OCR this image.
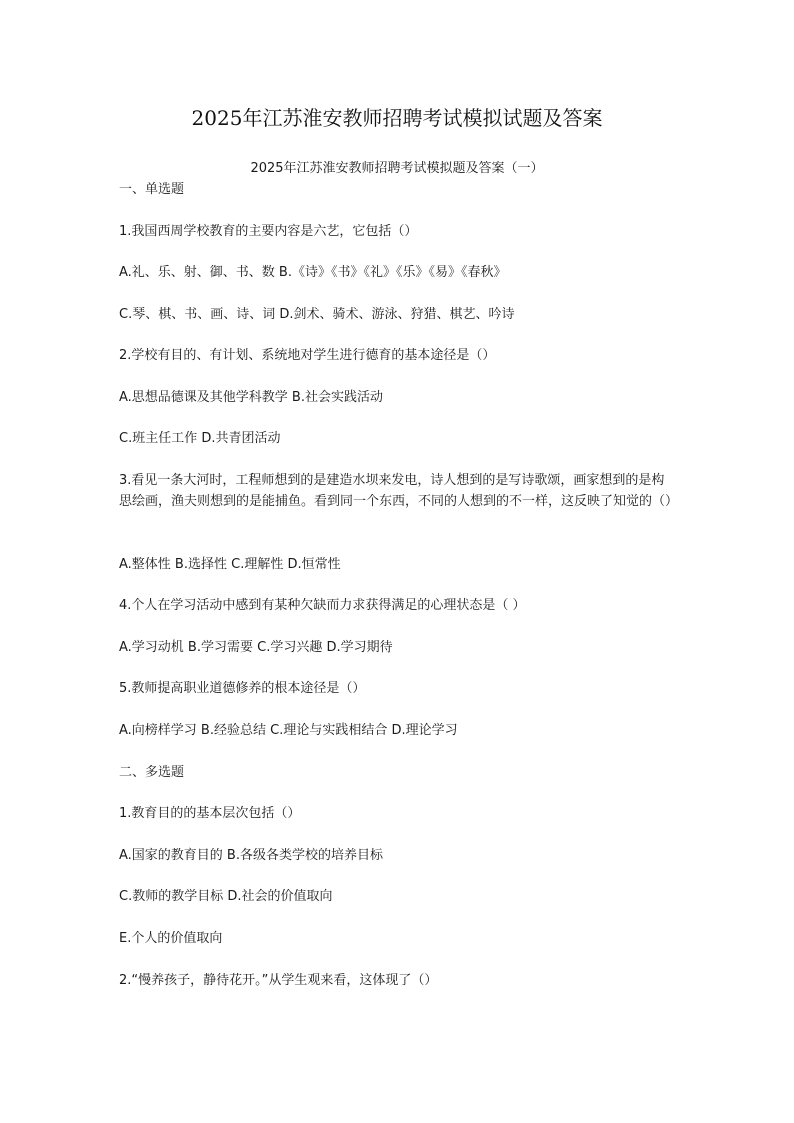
2025年江苏淮安教师招聘考试模拟试题及答案
2025年江苏淮安教师招聘考试模拟题及答案（一）
一、单选题
1.我国西周学校教育的主要内容是六艺，它包括（）
A.礼、乐、射、御、书、数 B.《诗》《书》《礼》《乐》《易》《春秋》
C.琴、棋、书、画、诗、词 D.剑术、骑术、游泳、狩猎、棋艺、吟诗
2.学校有目的、有计划、系统地对学生进行德育的基本途径是（）
A.思想品德课及其他学科教学 B.社会实践活动
C.班主任工作 D.共青团活动
3.看见一条大河时，工程师想到的是建造水坝来发电，诗人想到的是写诗歌颂，画家想到的是构思绘画，渔夫则想到的是能捕鱼。看到同一个东西，不同的人想到的不一样，这反映了知觉的（）
A.整体性 B.选择性 C.理解性 D.恒常性
4.个人在学习活动中感到有某种欠缺而力求获得满足的心理状态是（ ）
A.学习动机 B.学习需要 C.学习兴趣 D.学习期待
5.教师提高职业道德修养的根本途径是（）
A.向榜样学习 B.经验总结 C.理论与实践相结合 D.理论学习
二、多选题
1.教育目的的基本层次包括（）
A.国家的教育目的 B.各级各类学校的培养目标
C.教师的教学目标 D.社会的价值取向
E.个人的价值取向
2.“慢养孩子，静待花开。”从学生观来看，这体现了（）
